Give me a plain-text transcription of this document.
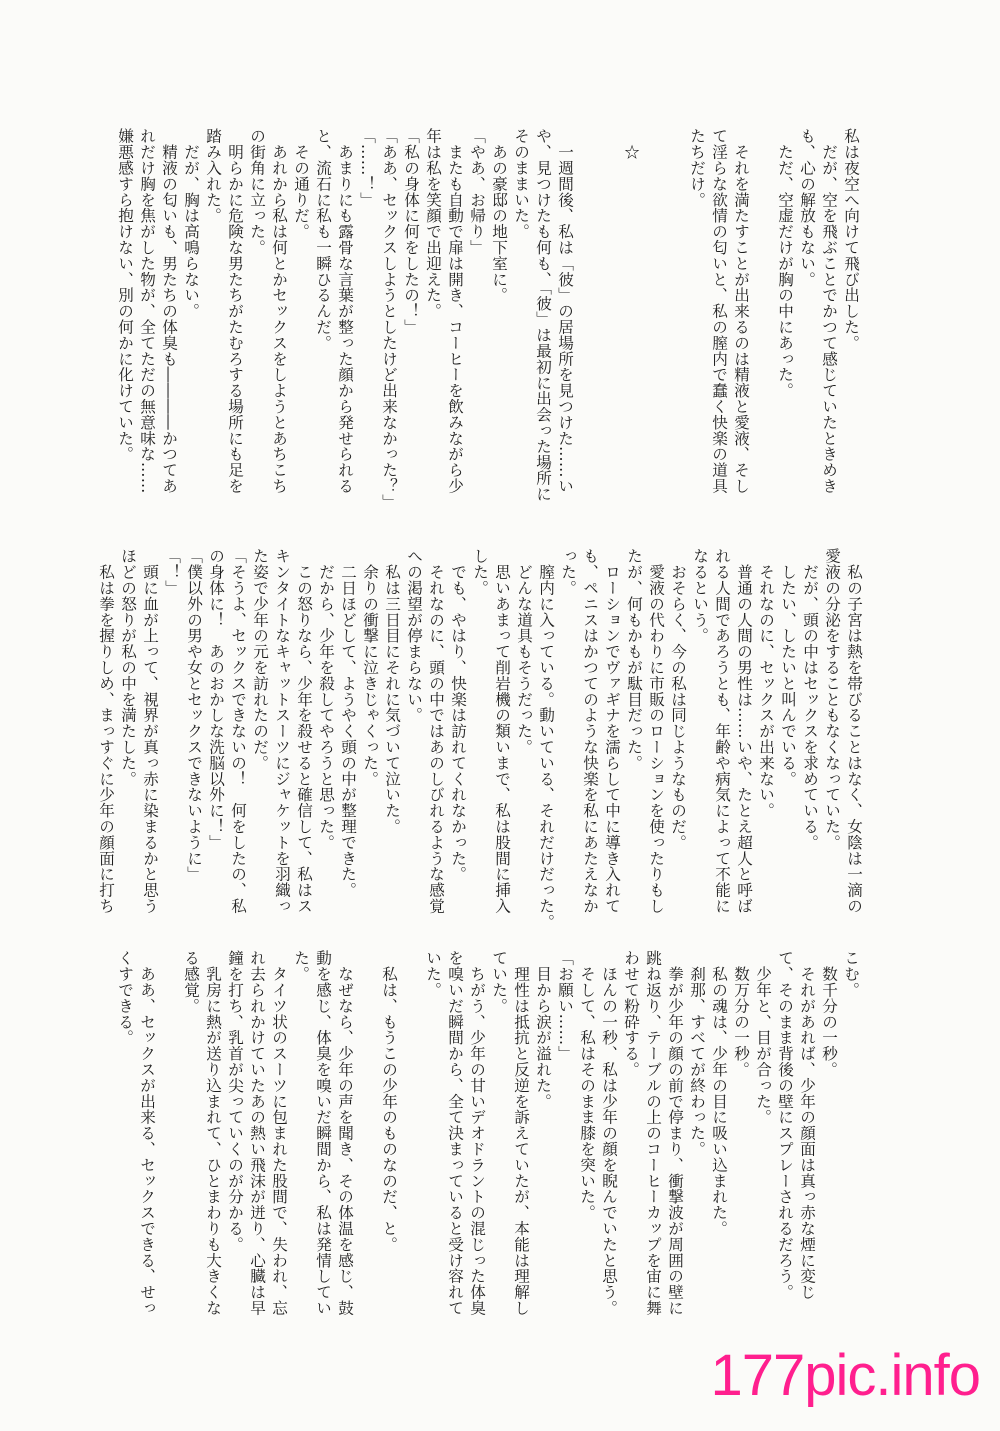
私は夜空へ向けて飛び出した。
　だが、空を飛ぶことでかつて感じていたときめき
も、心の解放もない。
　ただ、空虚だけが胸の中にあった。

　それを満たすことが出来るのは精液と愛液、そし
て淫らな欲情の匂いと、私の膣内で蠢く快楽の道具
たちだけ。

　☆

　一週間後、私は「彼」の居場所を見つけた……い
や、見つけたも何も、「彼」は最初に出会った場所に
そのままいた。
　あの豪邸の地下室に。
「やあ、お帰り」
　またも自動で扉は開き、コーヒーを飲みながら少
年は私を笑顔で出迎えた。
「私の身体に何をしたの！」
「ああ、セックスしようとしたけど出来なかった？」
「……！」
　あまりにも露骨な言葉が整った顔から発せられる
と、流石に私も一瞬ひるんだ。
　その通りだ。
　あれから私は何とかセックスをしようとあちこち
の街角に立った。
　明らかに危険な男たちがたむろする場所にも足を
踏み入れた。
　だが、胸は高鳴らない。
　精液の匂いも、男たちの体臭も――――かつてあ
れだけ胸を焦がした物が、全てただの無意味な……
嫌悪感すら抱けない、別の何かに化けていた。
　私の子宮は熱を帯びることはなく、女陰は一滴の
愛液の分泌をすることもなくなっていた。
　だが、頭の中はセックスを求めている。
　したい、したいと叫んでいる。
　それなのに、セックスが出来ない。
　普通の人間の男性は……いや、たとえ超人と呼ば
れる人間であろうとも、年齢や病気によって不能に
なるという。
　おそらく、今の私は同じようなものだ。
　愛液の代わりに市販のローションを使ったりもし
たが、何もかもが駄目だった。
　ローションでヴァギナを濡らして中に導き入れて
も、ペニスはかつてのような快楽を私にあたえなか
った。
　膣内に入っている。動いている、それだけだった。
　どんな道具もそうだった。
　思いあまって削岩機の類いまで、私は股間に挿入
した。
　でも、やはり、快楽は訪れてくれなかった。
　それなのに、頭の中ではあのしびれるような感覚
への渇望が停まらない。
　私は三日目にそれに気づいて泣いた。
　余りの衝撃に泣きじゃくった。
　二日ほどして、ようやく頭の中が整理できた。
　だから、少年を殺してやろうと思った。
　この怒りなら、少年を殺せると確信して、私はス
キンタイトなキャットスーツにジャケットを羽織っ
た姿で少年の元を訪れたのだ。
「そうよ、セックスできないの！　何をしたの、私
の身体に！　あのおかしな洗脳以外に！」
「僕以外の男や女とセックスできないように」
「！」
　頭に血が上って、視界が真っ赤に染まるかと思う
ほどの怒りが私の中を満たした。
　私は拳を握りしめ、まっすぐに少年の顔面に打ち
こむ。
　数千分の一秒。
　それがあれば、少年の顔面は真っ赤な煙に変じ
て、そのまま背後の壁にスプレーされるだろう。
　少年と、目が合った。
　数万分の一秒。
　私の魂は、少年の目に吸い込まれた。
　刹那、すべてが終わった。
　拳が少年の顔の前で停まり、衝撃波が周囲の壁に
跳ね返り、テーブルの上のコーヒーカップを宙に舞
わせて粉砕する。
　ほんの一秒、私は少年の顔を睨んでいたと思う。
　そして、私はそのまま膝を突いた。
「お願い……」
　目から涙が溢れた。
　理性は抵抗と反逆を訴えていたが、本能は理解し
ていた。
　ちがう、少年の甘いデオドラントの混じった体臭
を嗅いだ瞬間から、全て決まっていると受け容れて
いた。

　私は、もうこの少年のものなのだ、と。

　なぜなら、少年の声を聞き、その体温を感じ、鼓
動を感じ、体臭を嗅いだ瞬間から、私は発情してい
た。
　タイツ状のスーツに包まれた股間で、失われ、忘
れ去られかけていたあの熱い飛沫が迸り、心臓は早
鐘を打ち、乳首が尖っていくのが分かる。
　乳房に熱が送り込まれて、ひとまわりも大きくな
る感覚。

　ああ、セックスが出来る、セックスできる、せっ
くすできる。
177pic.info
